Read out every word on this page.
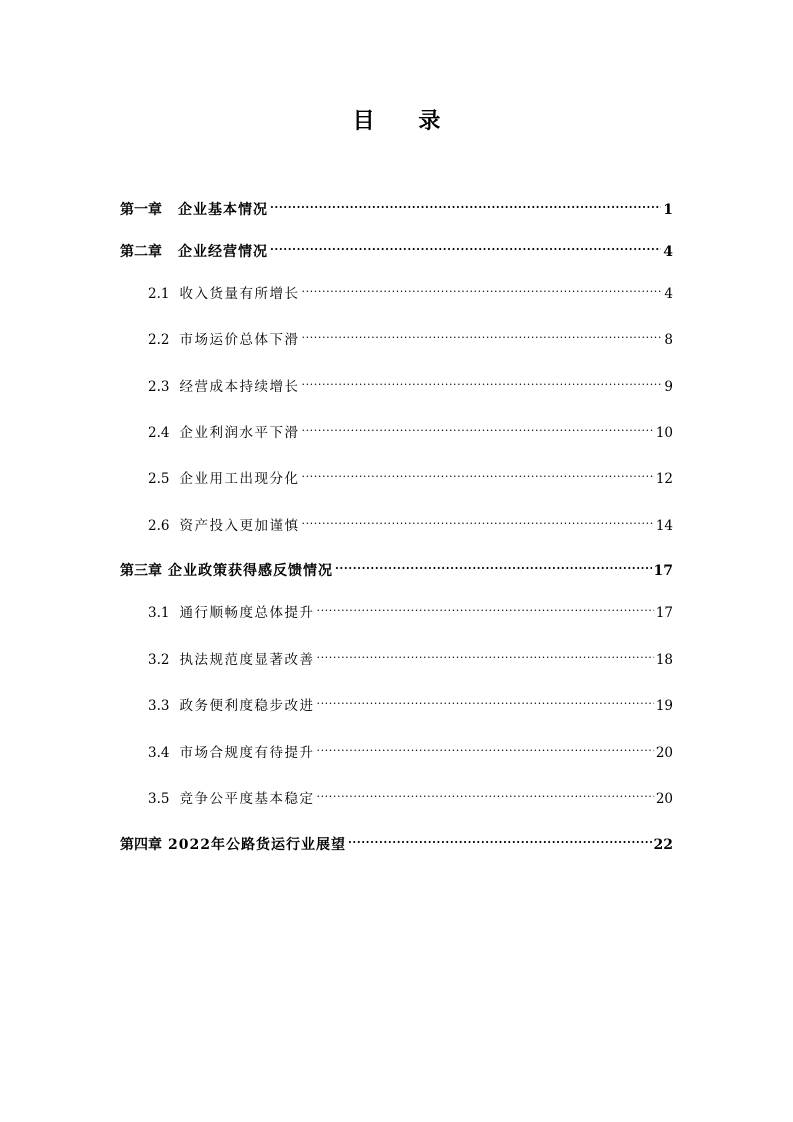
目 录
第一章 企业基本情况 .....	1
第二章 企业经营情况 .....	4
2.1 收入货量有所增长 .....	4
2.2 市场运价总体下滑 .....	8
2.3 经营成本持续增长 .....	9
2.4 企业利润水平下滑 .....	10
2.5 企业用工出现分化 .....	12
2.6 资产投入更加谨慎 .....	14
第三章 企业政策获得感反馈情况 .....	17
3.1 通行顺畅度总体提升 .....	17
3.2 执法规范度显著改善 .....	18
3.3 政务便利度稳步改进 .....	19
3.4 市场合规度有待提升 .....	20
3.5 竞争公平度基本稳定 .....	20
第四章 2022年公路货运行业展望 .....	22
